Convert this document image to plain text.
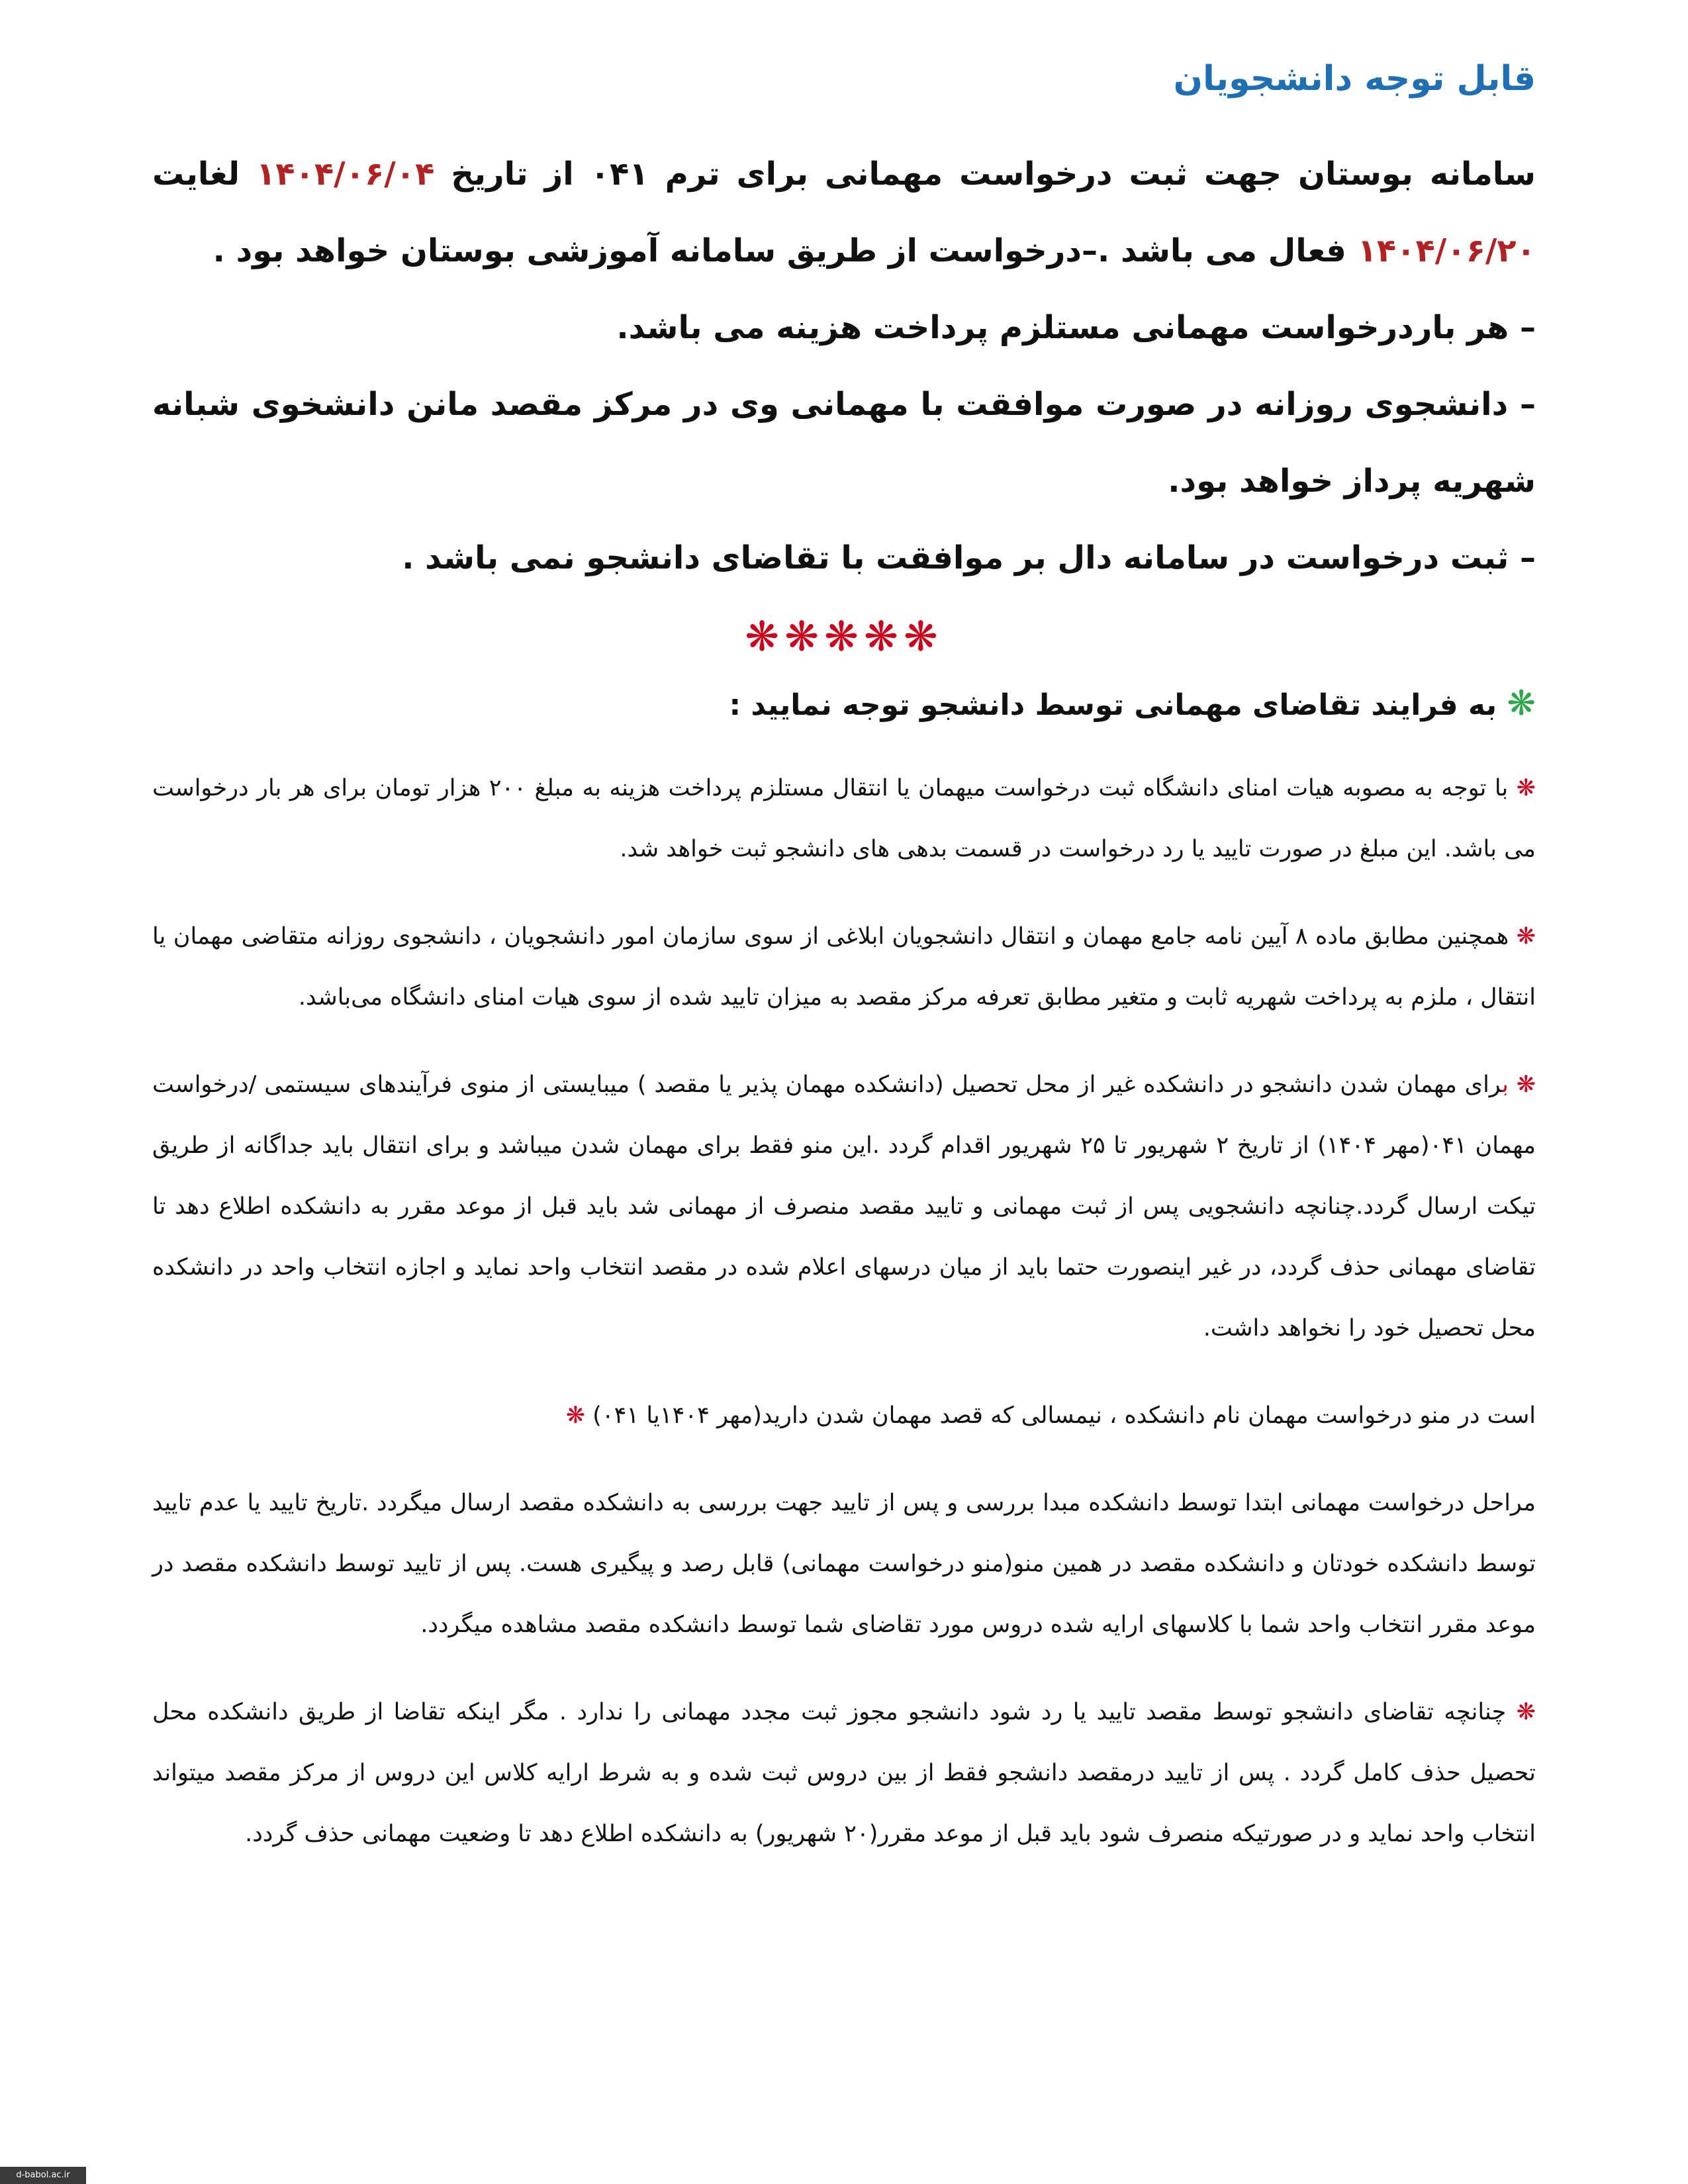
قابل توجه دانشجویان

سامانه بوستان جهت ثبت درخواست مهمانی برای ترم ۰۴۱ از تاریخ ۱۴۰۴/۰۶/۰۴ لغایت ۱۴۰۴/۰۶/۲۰ فعال می باشد .–درخواست از طریق سامانه آموزشی بوستان خواهد بود .

– هر باردرخواست مهمانی مستلزم پرداخت هزینه می باشد.

– دانشجوی روزانه در صورت موافقت با مهمانی وی در مرکز مقصد مانن دانشخوی شبانه شهریه پرداز خواهد بود.

– ثبت درخواست در سامانه دال بر موافقت با تقاضای دانشجو نمی باشد .

❋❋❋❋❋
❋ به فرایند تقاضای مهمانی توسط دانشجو توجه نمایید :

❋ با توجه به مصوبه هیات امنای دانشگاه ثبت درخواست میهمان یا انتقال مستلزم پرداخت هزینه به مبلغ ۲۰۰ هزار تومان برای هر بار درخواست می باشد. این مبلغ در صورت تایید یا رد درخواست در قسمت بدهی های دانشجو ثبت خواهد شد.

❋ همچنین مطابق ماده ۸ آیین نامه جامع مهمان و انتقال دانشجویان ابلاغی از سوی سازمان امور دانشجویان ، دانشجوی روزانه متقاضی مهمان یا انتقال ، ملزم به پرداخت شهریه ثابت و متغیر مطابق تعرفه مرکز مقصد به میزان تایید شده از سوی هیات امنای دانشگاه می‌باشد.

❋ برای مهمان شدن دانشجو در دانشکده غیر از محل تحصیل (دانشکده مهمان پذیر یا مقصد ) میبایستی از منوی فرآیندهای سیستمی /درخواست مهمان ۰۴۱(مهر ۱۴۰۴) از تاریخ ۲ شهریور تا ۲۵ شهریور اقدام گردد .این منو فقط برای مهمان شدن میباشد و برای انتقال باید جداگانه از طریق تیکت ارسال گردد.چنانچه دانشجویی پس از ثبت مهمانی و تایید مقصد منصرف از مهمانی شد باید قبل از موعد مقرر به دانشکده اطلاع دهد تا تقاضای مهمانی حذف گردد، در غیر اینصورت حتما باید از میان درسهای اعلام شده در مقصد انتخاب واحد نماید و اجازه انتخاب واحد در دانشکده محل تحصیل خود را نخواهد داشت.

است در منو درخواست مهمان نام دانشکده ، نیمسالی که قصد مهمان شدن دارید(مهر ۱۴۰۴یا ۰۴۱) ❋

مراحل درخواست مهمانی ابتدا توسط دانشکده مبدا بررسی و پس از تایید جهت بررسی به دانشکده مقصد ارسال میگردد .تاریخ تایید یا عدم تایید توسط دانشکده خودتان و دانشکده مقصد در همین منو(منو درخواست مهمانی) قابل رصد و پیگیری هست. پس از تایید توسط دانشکده مقصد در موعد مقرر انتخاب واحد شما با کلاسهای ارایه شده دروس مورد تقاضای شما توسط دانشکده مقصد مشاهده میگردد.

❋ چنانچه تقاضای دانشجو توسط مقصد تایید یا رد شود دانشجو مجوز ثبت مجدد مهمانی را ندارد . مگر اینکه تقاضا از طریق دانشکده محل تحصیل حذف کامل گردد . پس از تایید درمقصد دانشجو فقط از بین دروس ثبت شده و به شرط ارایه کلاس این دروس از مرکز مقصد میتواند انتخاب واحد نماید و در صورتیکه منصرف شود باید قبل از موعد مقرر(۲۰ شهریور) به دانشکده اطلاع دهد تا وضعیت مهمانی حذف گردد.

d-babol.ac.ir
